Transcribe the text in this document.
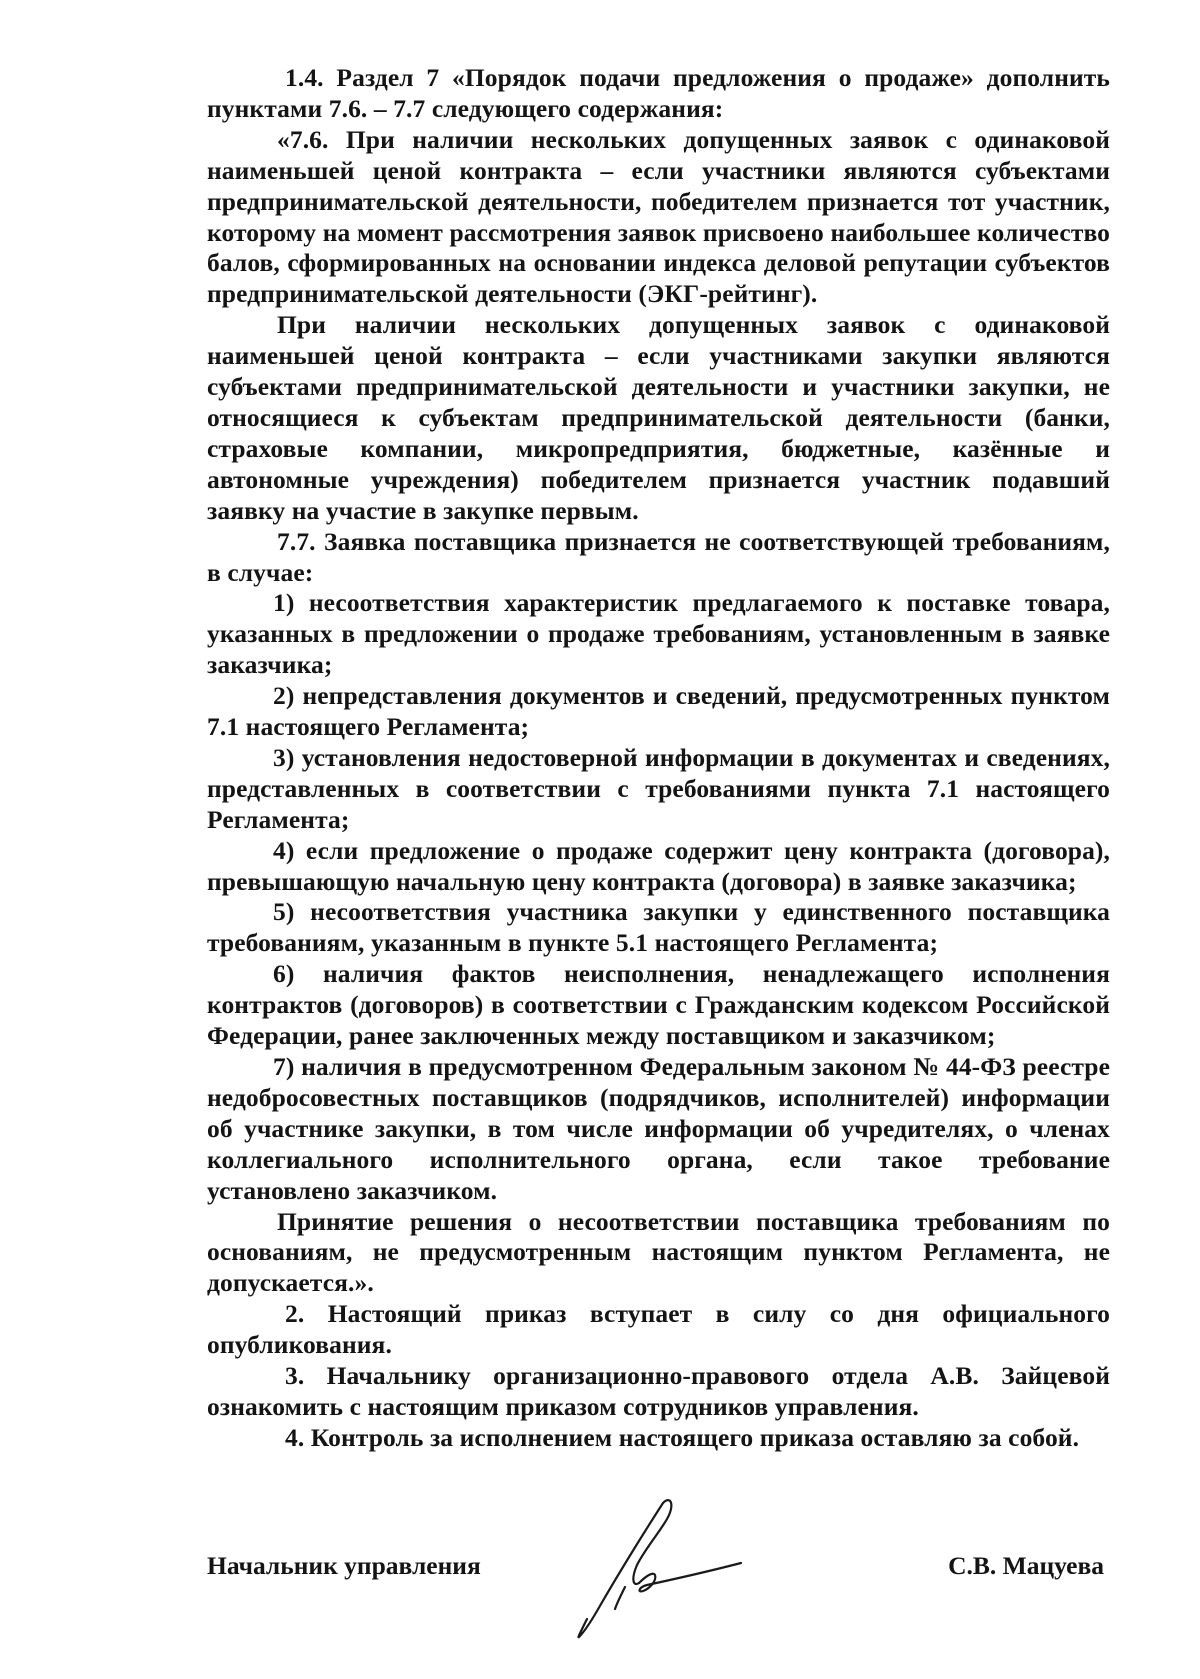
1.4. Раздел 7 «Порядок подачи предложения о продаже» дополнить пунктами 7.6. – 7.7 следующего содержания:

«7.6. При наличии нескольких допущенных заявок с одинаковой наименьшей ценой контракта – если участники являются субъектами предпринимательской деятельности, победителем признается тот участник, которому на момент рассмотрения заявок присвоено наибольшее количество балов, сформированных на основании индекса деловой репутации субъектов предпринимательской деятельности (ЭКГ-рейтинг).

При наличии нескольких допущенных заявок с одинаковой наименьшей ценой контракта – если участниками закупки являются субъектами предпринимательской деятельности и участники закупки, не относящиеся к субъектам предпринимательской деятельности (банки, страховые компании, микропредприятия, бюджетные, казённые и автономные учреждения) победителем признается участник подавший заявку на участие в закупке первым.

7.7. Заявка поставщика признается не соответствующей требованиям, в случае:

1) несоответствия характеристик предлагаемого к поставке товара, указанных в предложении о продаже требованиям, установленным в заявке заказчика;

2) непредставления документов и сведений, предусмотренных пунктом 7.1 настоящего Регламента;

3) установления недостоверной информации в документах и сведениях, представленных в соответствии с требованиями пункта 7.1 настоящего Регламента;

4) если предложение о продаже содержит цену контракта (договора), превышающую начальную цену контракта (договора) в заявке заказчика;

5) несоответствия участника закупки у единственного поставщика требованиям, указанным в пункте 5.1 настоящего Регламента;

6) наличия фактов неисполнения, ненадлежащего исполнения контрактов (договоров) в соответствии с Гражданским кодексом Российской Федерации, ранее заключенных между поставщиком и заказчиком;

7) наличия в предусмотренном Федеральным законом № 44-ФЗ реестре недобросовестных поставщиков (подрядчиков, исполнителей) информации об участнике закупки, в том числе информации об учредителях, о членах коллегиального исполнительного органа, если такое требование установлено заказчиком.

Принятие решения о несоответствии поставщика требованиям по основаниям, не предусмотренным настоящим пунктом Регламента, не допускается.».

2. Настоящий приказ вступает в силу со дня официального опубликования.

3. Начальнику организационно-правового отдела А.В. Зайцевой ознакомить с настоящим приказом сотрудников управления.

4. Контроль за исполнением настоящего приказа оставляю за собой.

Начальник управления	С.В. Мацуева
